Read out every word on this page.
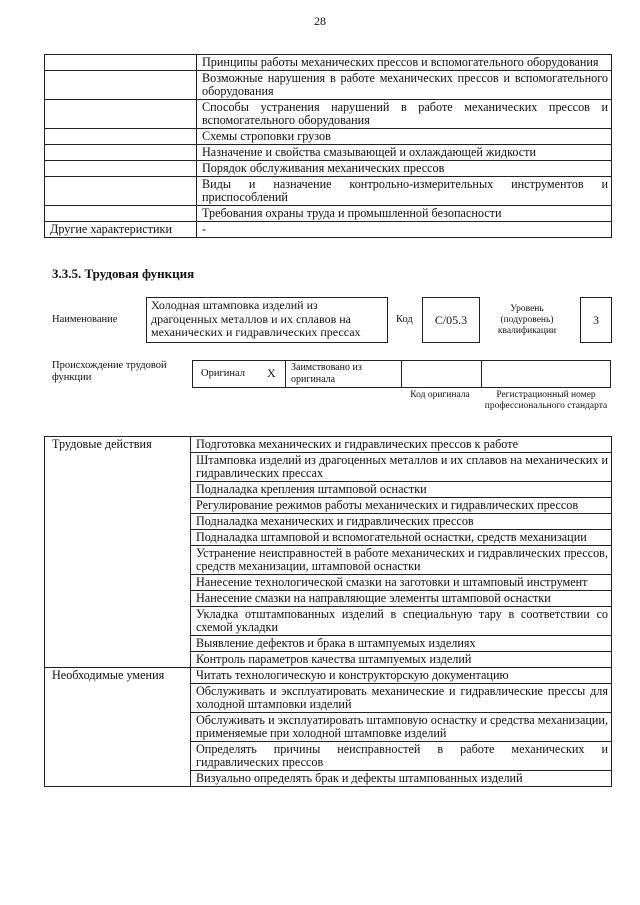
28
	Принципы работы механических прессов и вспомогательного оборудования
	Возможные нарушения в работе механических прессов и вспомогательного оборудования
	Способы устранения нарушений в работе механических прессов и вспомогательного оборудования
	Схемы строповки грузов
	Назначение и свойства смазывающей и охлаждающей жидкости
	Порядок обслуживания механических прессов
	Виды и назначение контрольно-измерительных инструментов и приспособлений
	Требования охраны труда и промышленной безопасности
Другие характеристики	-
3.3.5. Трудовая функция
Наименование
Холодная штамповка изделий из драгоценных металлов и их сплавов на механических и гидравлических прессах
Код	C/05.3
Уровень (подуровень) квалификации
3
Происхождение трудовой функции	Оригинал X Заимствовано из оригинала
Код оригинала	Регистрационный номер профессионального стандарта
Трудовые действия	Подготовка механических и гидравлических прессов к работе
	Штамповка изделий из драгоценных металлов и их сплавов на механических и гидравлических прессах
	Подналадка крепления штамповой оснастки
	Регулирование режимов работы механических и гидравлических прессов
	Подналадка механических и гидравлических прессов
	Подналадка штамповой и вспомогательной оснастки, средств механизации
	Устранение неисправностей в работе механических и гидравлических прессов, средств механизации, штамповой оснастки
	Нанесение технологической смазки на заготовки и штамповый инструмент
	Нанесение смазки на направляющие элементы штамповой оснастки
	Укладка отштампованных изделий в специальную тару в соответствии со схемой укладки
	Выявление дефектов и брака в штампуемых изделиях
	Контроль параметров качества штампуемых изделий
Необходимые умения	Читать технологическую и конструкторскую документацию
	Обслуживать и эксплуатировать механические и гидравлические прессы для холодной штамповки изделий
	Обслуживать и эксплуатировать штамповую оснастку и средства механизации, применяемые при холодной штамповке изделий
	Определять причины неисправностей в работе механических и гидравлических прессов
	Визуально определять брак и дефекты штампованных изделий
